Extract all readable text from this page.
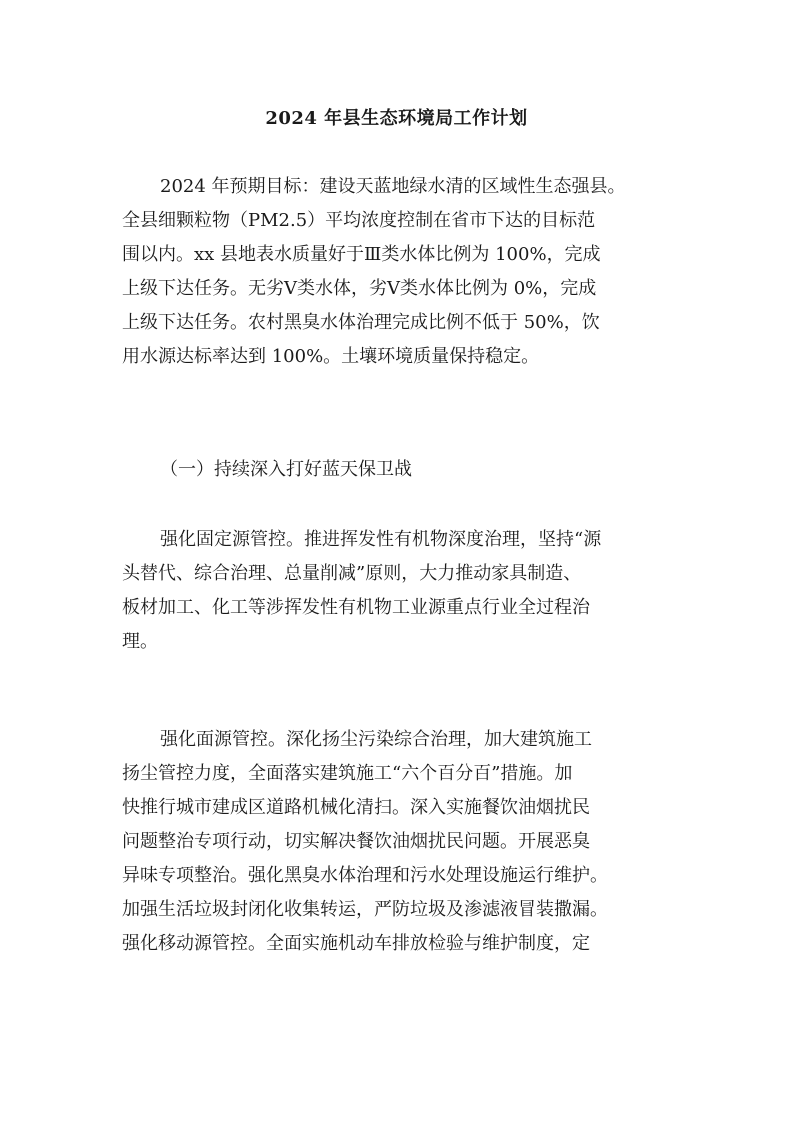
2024 年县生态环境局工作计划
2024 年预期目标：建设天蓝地绿水清的区域性生态强县。
全县细颗粒物（PM2.5）平均浓度控制在省市下达的目标范
围以内。xx 县地表水质量好于Ⅲ类水体比例为 100%，完成
上级下达任务。无劣Ⅴ类水体，劣Ⅴ类水体比例为 0%，完成
上级下达任务。农村黑臭水体治理完成比例不低于 50%，饮
用水源达标率达到 100%。土壤环境质量保持稳定。
（一）持续深入打好蓝天保卫战
强化固定源管控。推进挥发性有机物深度治理，坚持“源
头替代、综合治理、总量削减”原则，大力推动家具制造、
板材加工、化工等涉挥发性有机物工业源重点行业全过程治
理。
强化面源管控。深化扬尘污染综合治理，加大建筑施工
扬尘管控力度，全面落实建筑施工“六个百分百”措施。加
快推行城市建成区道路机械化清扫。深入实施餐饮油烟扰民
问题整治专项行动，切实解决餐饮油烟扰民问题。开展恶臭
异味专项整治。强化黑臭水体治理和污水处理设施运行维护。
加强生活垃圾封闭化收集转运，严防垃圾及渗滤液冒装撒漏。
强化移动源管控。全面实施机动车排放检验与维护制度，定
